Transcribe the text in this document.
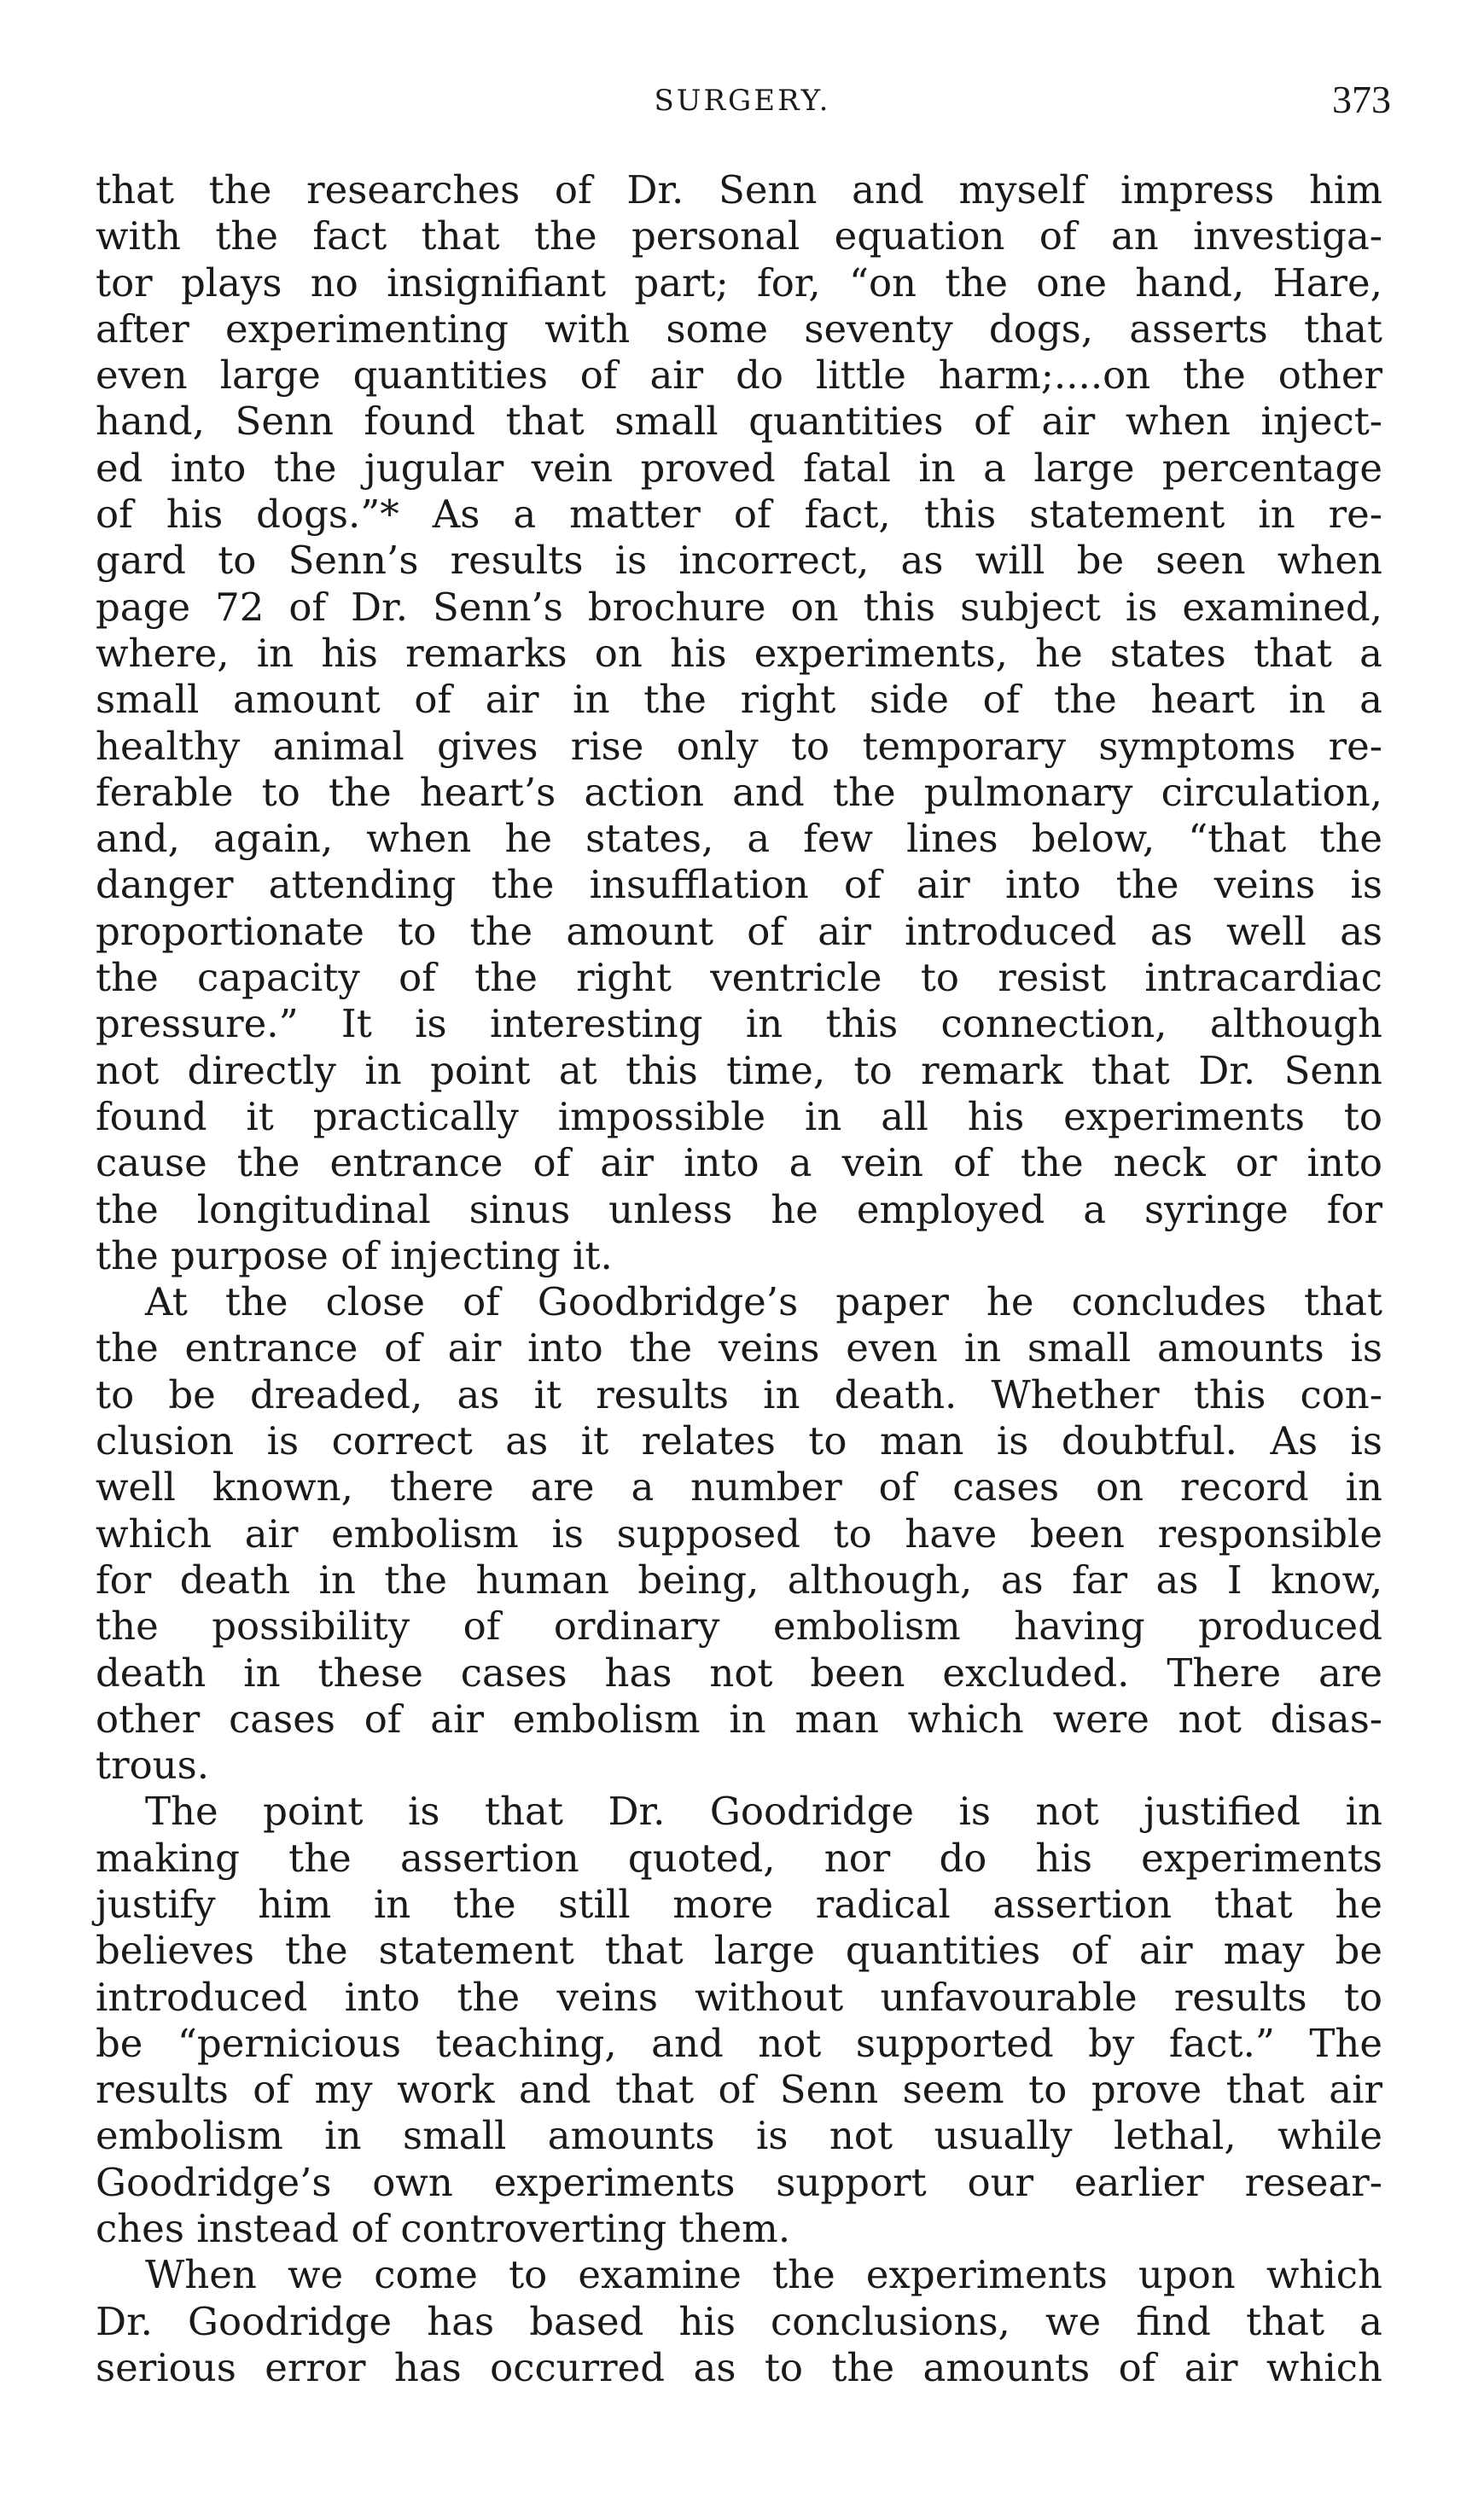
SURGERY.	373
that the researches of Dr. Senn and myself impress him
with the fact that the personal equation of an investiga-
tor plays no insignifiant part; for, “on the one hand, Hare,
after experimenting with some seventy dogs, asserts that
even large quantities of air do little harm;....on the other
hand, Senn found that small quantities of air when inject-
ed into the jugular vein proved fatal in a large percentage
of his dogs.”* As a matter of fact, this statement in re-
gard to Senn’s results is incorrect, as will be seen when
page 72 of Dr. Senn’s brochure on this subject is examined,
where, in his remarks on his experiments, he states that a
small amount of air in the right side of the heart in a
healthy animal gives rise only to temporary symptoms re-
ferable to the heart’s action and the pulmonary circulation,
and, again, when he states, a few lines below, “that the
danger attending the insufflation of air into the veins is
proportionate to the amount of air introduced as well as
the capacity of the right ventricle to resist intracardiac
pressure.” It is interesting in this connection, although
not directly in point at this time, to remark that Dr. Senn
found it practically impossible in all his experiments to
cause the entrance of air into a vein of the neck or into
the longitudinal sinus unless he employed a syringe for
the purpose of injecting it.
At the close of Goodbridge’s paper he concludes that
the entrance of air into the veins even in small amounts is
to be dreaded, as it results in death. Whether this con-
clusion is correct as it relates to man is doubtful. As is
well known, there are a number of cases on record in
which air embolism is supposed to have been responsible
for death in the human being, although, as far as I know,
the possibility of ordinary embolism having produced
death in these cases has not been excluded. There are
other cases of air embolism in man which were not disas-
trous.
The point is that Dr. Goodridge is not justified in
making the assertion quoted, nor do his experiments
justify him in the still more radical assertion that he
believes the statement that large quantities of air may be
introduced into the veins without unfavourable results to
be “pernicious teaching, and not supported by fact.” The
results of my work and that of Senn seem to prove that air
embolism in small amounts is not usually lethal, while
Goodridge’s own experiments support our earlier resear-
ches instead of controverting them.
When we come to examine the experiments upon which
Dr. Goodridge has based his conclusions, we find that a
serious error has occurred as to the amounts of air which
